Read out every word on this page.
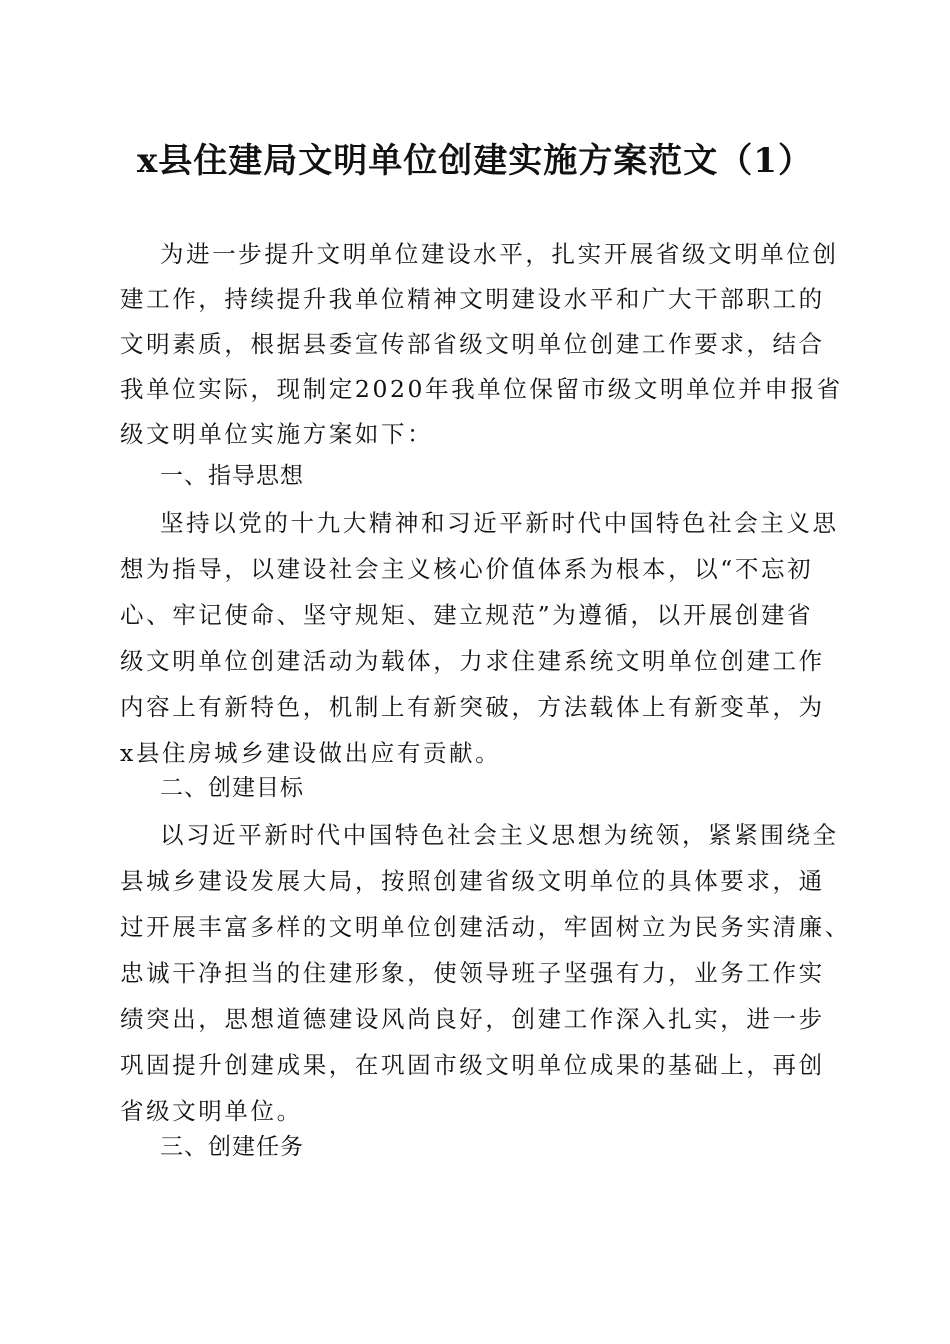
x县住建局文明单位创建实施方案范文（1）
为进一步提升文明单位建设水平，扎实开展省级文明单位创
建工作，持续提升我单位精神文明建设水平和广大干部职工的
文明素质，根据县委宣传部省级文明单位创建工作要求，结合
我单位实际，现制定2020年我单位保留市级文明单位并申报省
级文明单位实施方案如下：
一、指导思想
坚持以党的十九大精神和习近平新时代中国特色社会主义思
想为指导，以建设社会主义核心价值体系为根本，以“不忘初
心、牢记使命、坚守规矩、建立规范”为遵循，以开展创建省
级文明单位创建活动为载体，力求住建系统文明单位创建工作
内容上有新特色，机制上有新突破，方法载体上有新变革，为
x县住房城乡建设做出应有贡献。
二、创建目标
以习近平新时代中国特色社会主义思想为统领，紧紧围绕全
县城乡建设发展大局，按照创建省级文明单位的具体要求，通
过开展丰富多样的文明单位创建活动，牢固树立为民务实清廉、
忠诚干净担当的住建形象，使领导班子坚强有力，业务工作实
绩突出，思想道德建设风尚良好，创建工作深入扎实，进一步
巩固提升创建成果，在巩固市级文明单位成果的基础上，再创
省级文明单位。
三、创建任务
